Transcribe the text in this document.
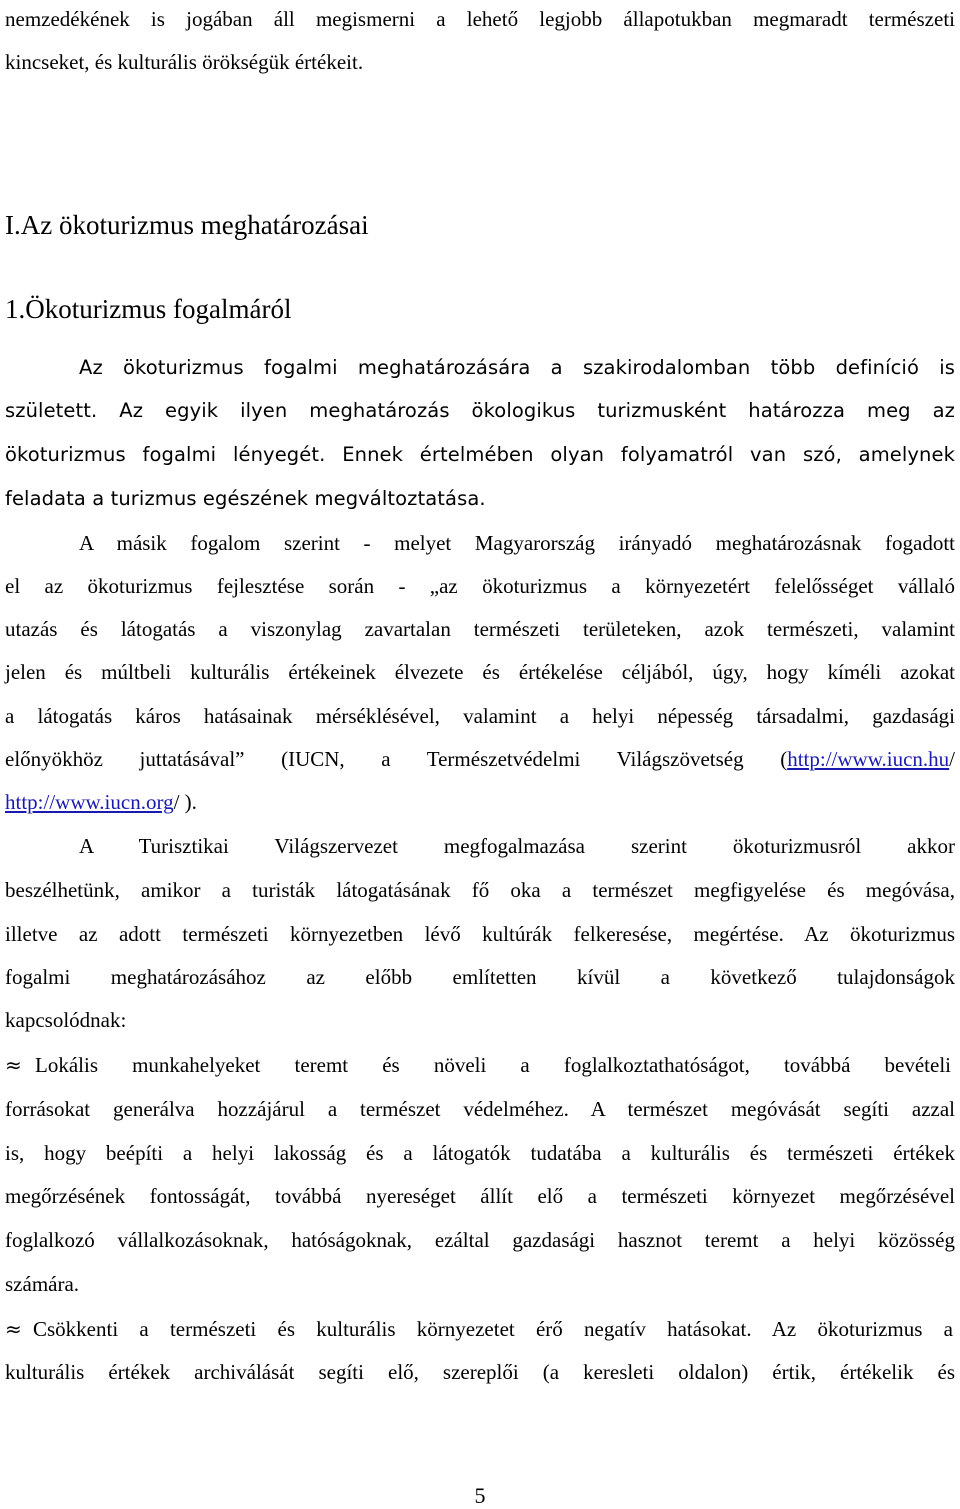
nemzedékének is jogában áll megismerni a lehető legjobb állapotukban megmaradt természeti
kincseket, és kulturális örökségük értékeit.
I.Az ökoturizmus meghatározásai
1.Ökoturizmus fogalmáról
Az ökoturizmus fogalmi meghatározására a szakirodalomban több definíció is
született. Az egyik ilyen meghatározás ökologikus turizmusként határozza meg az
ökoturizmus fogalmi lényegét. Ennek értelmében olyan folyamatról van szó, amelynek
feladata a turizmus egészének megváltoztatása.
A másik fogalom szerint - melyet Magyarország irányadó meghatározásnak fogadott
el az ökoturizmus fejlesztése során - „az ökoturizmus a környezetért felelősséget vállaló
utazás és látogatás a viszonylag zavartalan természeti területeken, azok természeti, valamint
jelen és múltbeli kulturális értékeinek élvezete és értékelése céljából, úgy, hogy kíméli azokat
a látogatás káros hatásainak mérséklésével, valamint a helyi népesség társadalmi, gazdasági
előnyökhöz juttatásával” (IUCN, a Természetvédelmi Világszövetség (http://www.iucn.hu/
http://www.iucn.org/ ).
A Turisztikai Világszervezet megfogalmazása szerint ökoturizmusról akkor
beszélhetünk, amikor a turisták látogatásának fő oka a természet megfigyelése és megóvása,
illetve az adott természeti környezetben lévő kultúrák felkeresése, megértése. Az ökoturizmus
fogalmi meghatározásához az előbb említetten kívül a következő tulajdonságok
kapcsolódnak:
≈ Lokális munkahelyeket teremt és növeli a foglalkoztathatóságot, továbbá bevételi
forrásokat generálva hozzájárul a természet védelméhez. A természet megóvását segíti azzal
is, hogy beépíti a helyi lakosság és a látogatók tudatába a kulturális és természeti értékek
megőrzésének fontosságát, továbbá nyereséget állít elő a természeti környezet megőrzésével
foglalkozó vállalkozásoknak, hatóságoknak, ezáltal gazdasági hasznot teremt a helyi közösség
számára.
≈ Csökkenti a természeti és kulturális környezetet érő negatív hatásokat. Az ökoturizmus a
kulturális értékek archiválását segíti elő, szereplői (a keresleti oldalon) értik, értékelik és
5
